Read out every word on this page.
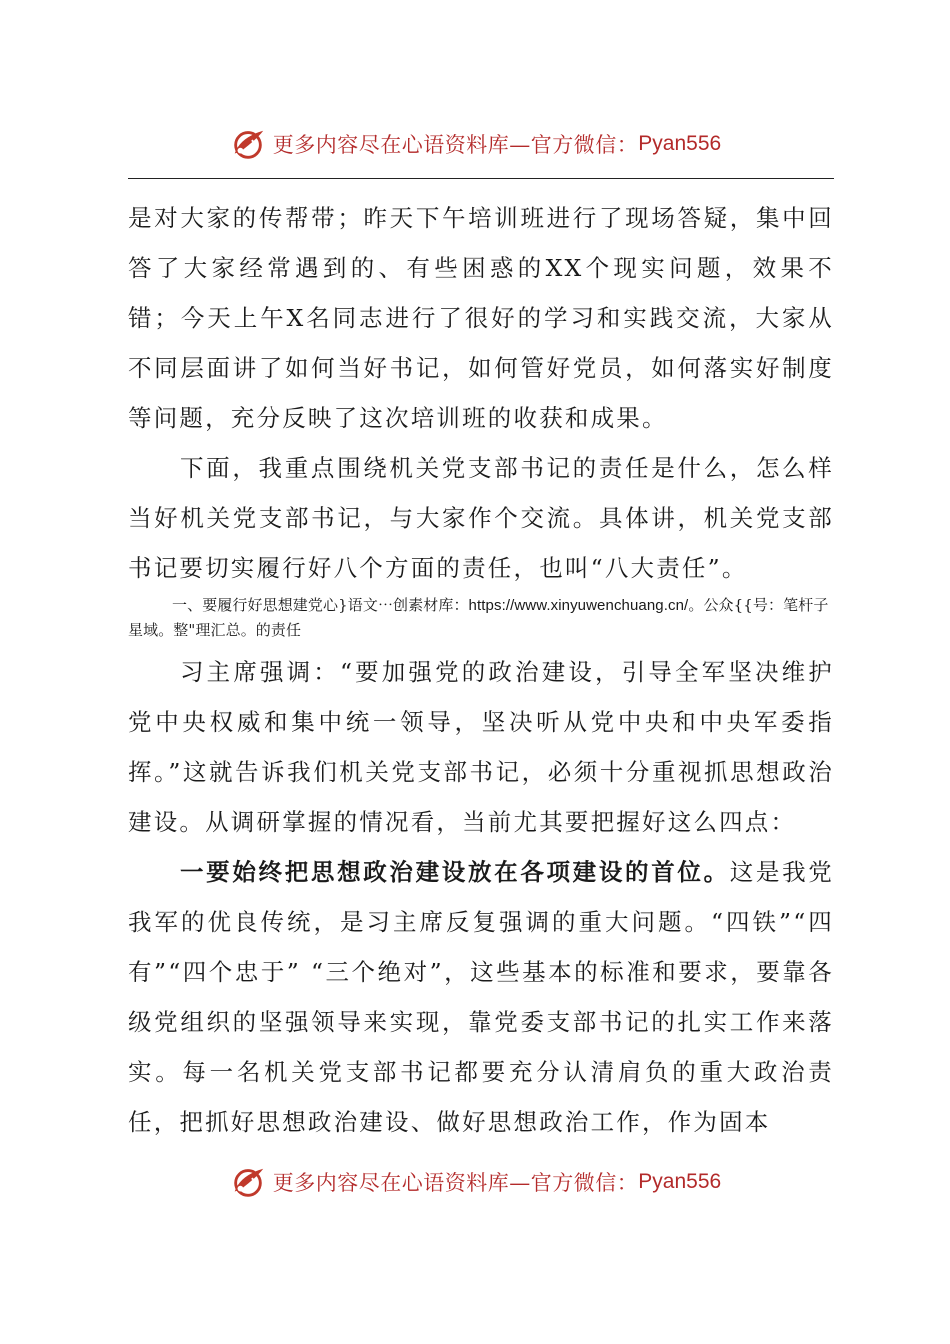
更多内容尽在心语资料库—官方微信： Pyan556

是对大家的传帮带；昨天下午培训班进行了现场答疑，集中回答了大家经常遇到的、有些困惑的XX个现实问题，效果不错；今天上午X名同志进行了很好的学习和实践交流，大家从不同层面讲了如何当好书记，如何管好党员，如何落实好制度等问题，充分反映了这次培训班的收获和成果。

下面，我重点围绕机关党支部书记的责任是什么，怎么样当好机关党支部书记，与大家作个交流。具体讲，机关党支部书记要切实履行好八个方面的责任，也叫“八大责任”。

一、要履行好思想建党心}语文⋯创素材库：https://www.xinyuwenchuang.cn/。公众{{号：笔杆子星域。整"理汇总。的责任

习主席强调：“要加强党的政治建设，引导全军坚决维护党中央权威和集中统一领导，坚决听从党中央和中央军委指挥。”这就告诉我们机关党支部书记，必须十分重视抓思想政治建设。从调研掌握的情况看，当前尤其要把握好这么四点：

一要始终把思想政治建设放在各项建设的首位。这是我党我军的优良传统，是习主席反复强调的重大问题。“四铁”“四有”“四个忠于” “三个绝对”，这些基本的标准和要求，要靠各级党组织的坚强领导来实现，靠党委支部书记的扎实工作来落实。每一名机关党支部书记都要充分认清肩负的重大政治责任，把抓好思想政治建设、做好思想政治工作，作为固本

更多内容尽在心语资料库—官方微信： Pyan556
